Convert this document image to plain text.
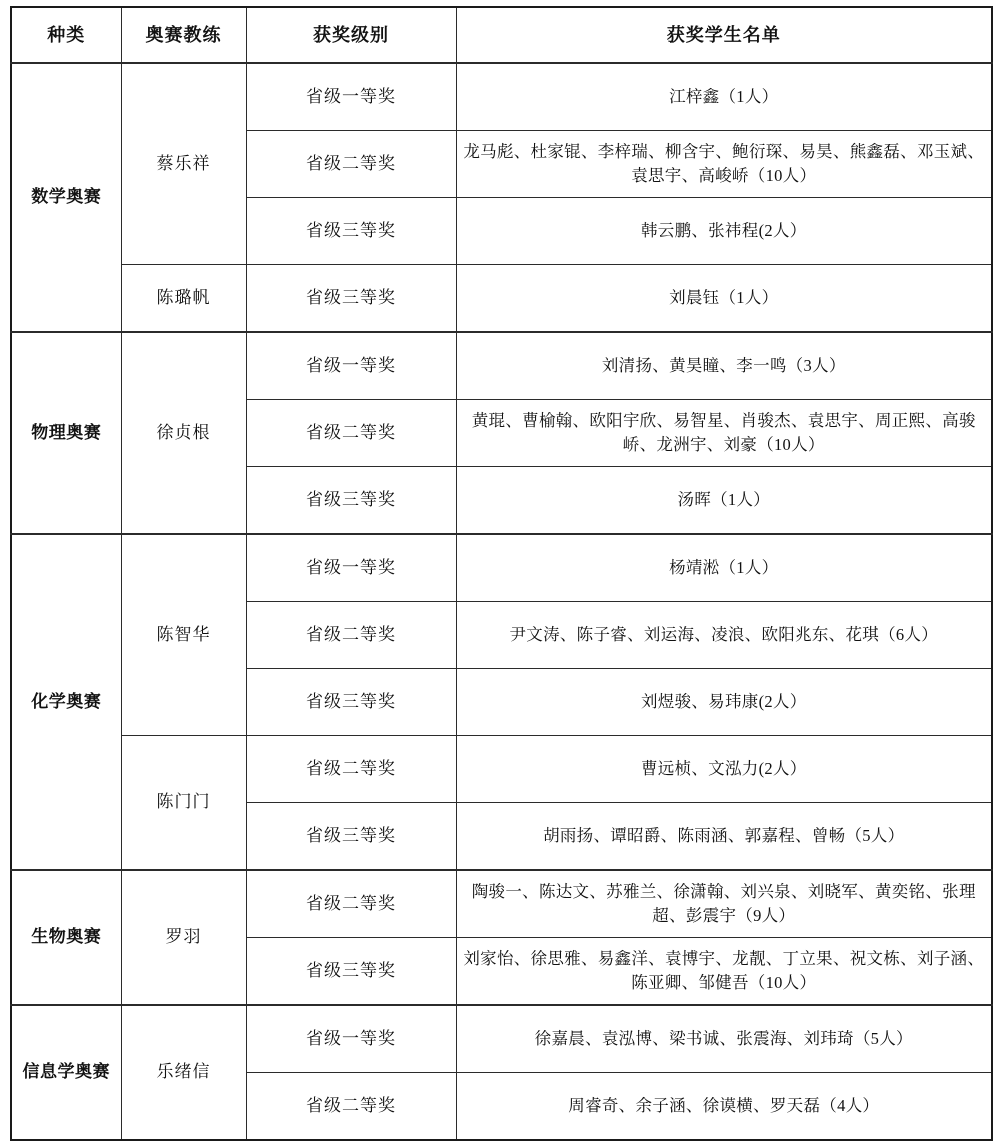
种类	奥赛教练	获奖级别	获奖学生名单
数学奥赛	蔡乐祥	省级一等奖	江梓鑫（1人）
		省级二等奖	龙马彪、杜家锟、李梓瑞、柳含宇、鲍衍琛、易昊、熊鑫磊、邓玉斌、袁思宇、高峻峤（10人）
		省级三等奖	韩云鹏、张祎程(2人）
	陈璐帆	省级三等奖	刘晨钰（1人）
物理奥赛	徐贞根	省级一等奖	刘清扬、黄昊瞳、李一鸣（3人）
		省级二等奖	黄琨、曹榆翰、欧阳宇欣、易智星、肖骏杰、袁思宇、周正熙、高骏峤、龙洲宇、刘豪（10人）
		省级三等奖	汤晖（1人）
化学奥赛	陈智华	省级一等奖	杨靖淞（1人）
		省级二等奖	尹文涛、陈子睿、刘运海、凌浪、欧阳兆东、花琪（6人）
		省级三等奖	刘煜骏、易玮康(2人）
	陈门门	省级二等奖	曹远桢、文泓力(2人）
		省级三等奖	胡雨扬、谭昭爵、陈雨涵、郭嘉程、曾畅（5人）
生物奥赛	罗羽	省级二等奖	陶骏一、陈达文、苏雅兰、徐潇翰、刘兴泉、刘晓军、黄奕铭、张理超、彭震宇（9人）
		省级三等奖	刘家怡、徐思雅、易鑫洋、袁博宇、龙靓、丁立果、祝文栋、刘子涵、陈亚卿、邹健吾（10人）
信息学奥赛	乐绪信	省级一等奖	徐嘉晨、袁泓博、梁书诚、张震海、刘玮琦（5人）
		省级二等奖	周睿奇、余子涵、徐谟横、罗天磊（4人）
